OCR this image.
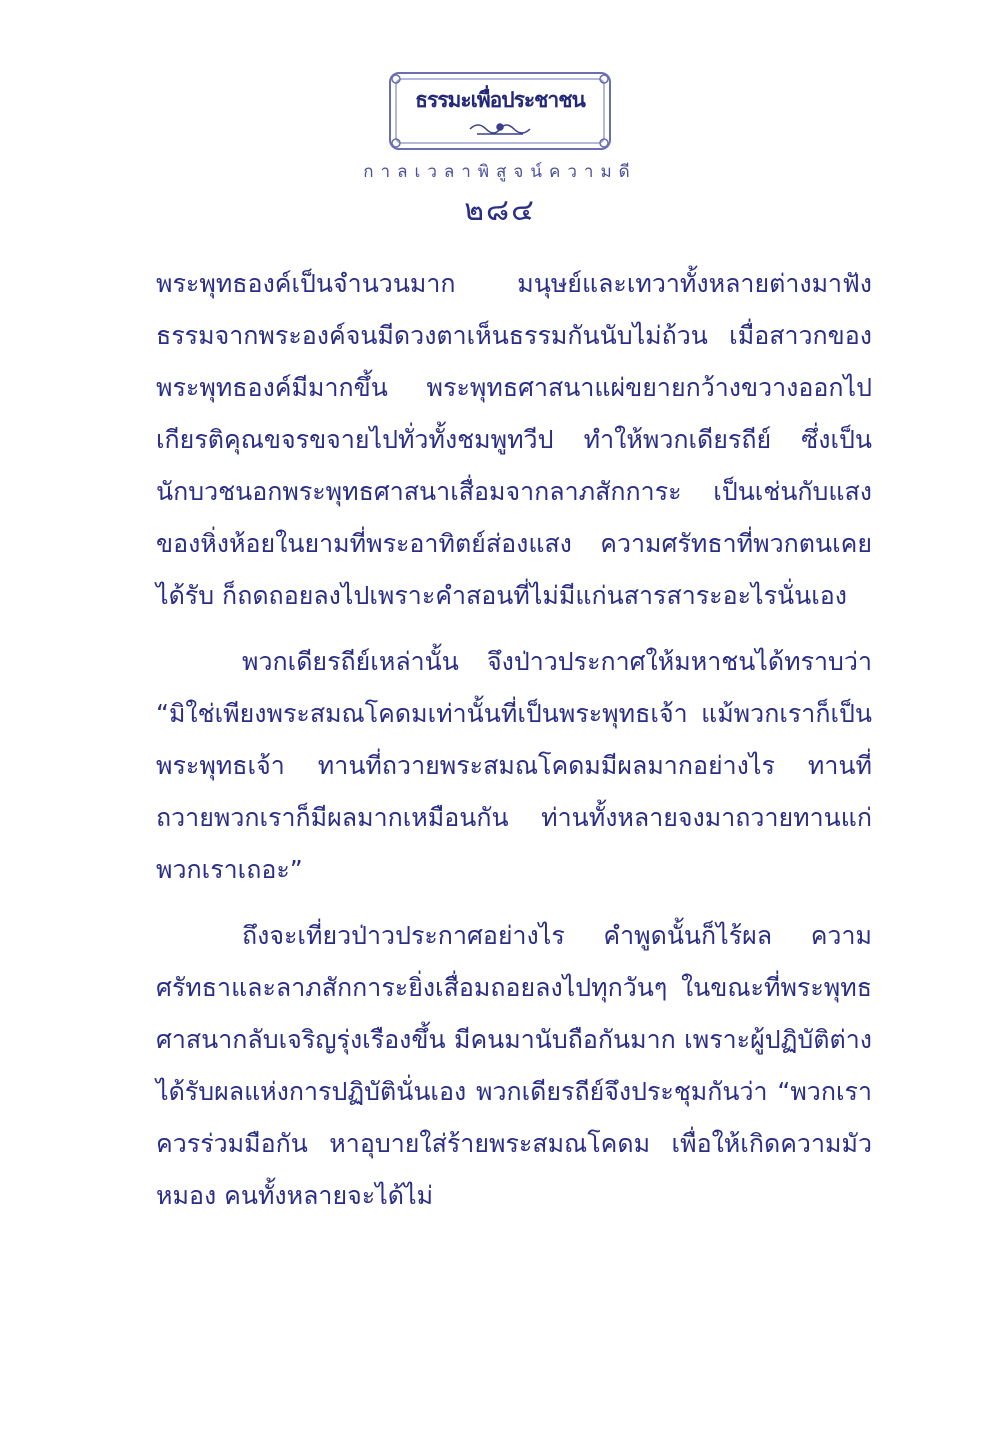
ธรรมะเพื่อประชาชน
กาลเวลาพิสูจน์ความดี
๒๘๔

พระพุทธองค์เป็นจำนวนมาก มนุษย์และเทวาทั้งหลายต่างมาฟังธรรมจากพระองค์จนมีดวงตาเห็นธรรมกันนับไม่ถ้วน เมื่อสาวกของพระพุทธองค์มีมากขึ้น พระพุทธศาสนาแผ่ขยายกว้างขวางออกไป เกียรติคุณขจรขจายไปทั่วทั้งชมพูทวีป ทำให้พวกเดียรถีย์ ซึ่งเป็นนักบวชนอกพระพุทธศาสนาเสื่อมจากลาภสักการะ เป็นเช่นกับแสงของหิ่งห้อยในยามที่พระอาทิตย์ส่องแสง ความศรัทธาที่พวกตนเคยได้รับ ก็ถดถอยลงไปเพราะคำสอนที่ไม่มีแก่นสารสาระอะไรนั่นเอง

พวกเดียรถีย์เหล่านั้น จึงป่าวประกาศให้มหาชนได้ทราบว่า “มิใช่เพียงพระสมณโคดมเท่านั้นที่เป็นพระพุทธเจ้า แม้พวกเราก็เป็นพระพุทธเจ้า ทานที่ถวายพระสมณโคดมมีผลมากอย่างไร ทานที่ถวายพวกเราก็มีผลมากเหมือนกัน ท่านทั้งหลายจงมาถวายทานแก่พวกเราเถอะ”

ถึงจะเที่ยวป่าวประกาศอย่างไร คำพูดนั้นก็ไร้ผล ความศรัทธาและลาภสักการะยิ่งเสื่อมถอยลงไปทุกวันๆ ในขณะที่พระพุทธศาสนากลับเจริญรุ่งเรืองขึ้น มีคนมานับถือกันมาก เพราะผู้ปฏิบัติต่างได้รับผลแห่งการปฏิบัตินั่นเอง พวกเดียรถีย์จึงประชุมกันว่า “พวกเราควรร่วมมือกัน หาอุบายใส่ร้ายพระสมณโคดม เพื่อให้เกิดความมัวหมอง คนทั้งหลายจะได้ไม่
